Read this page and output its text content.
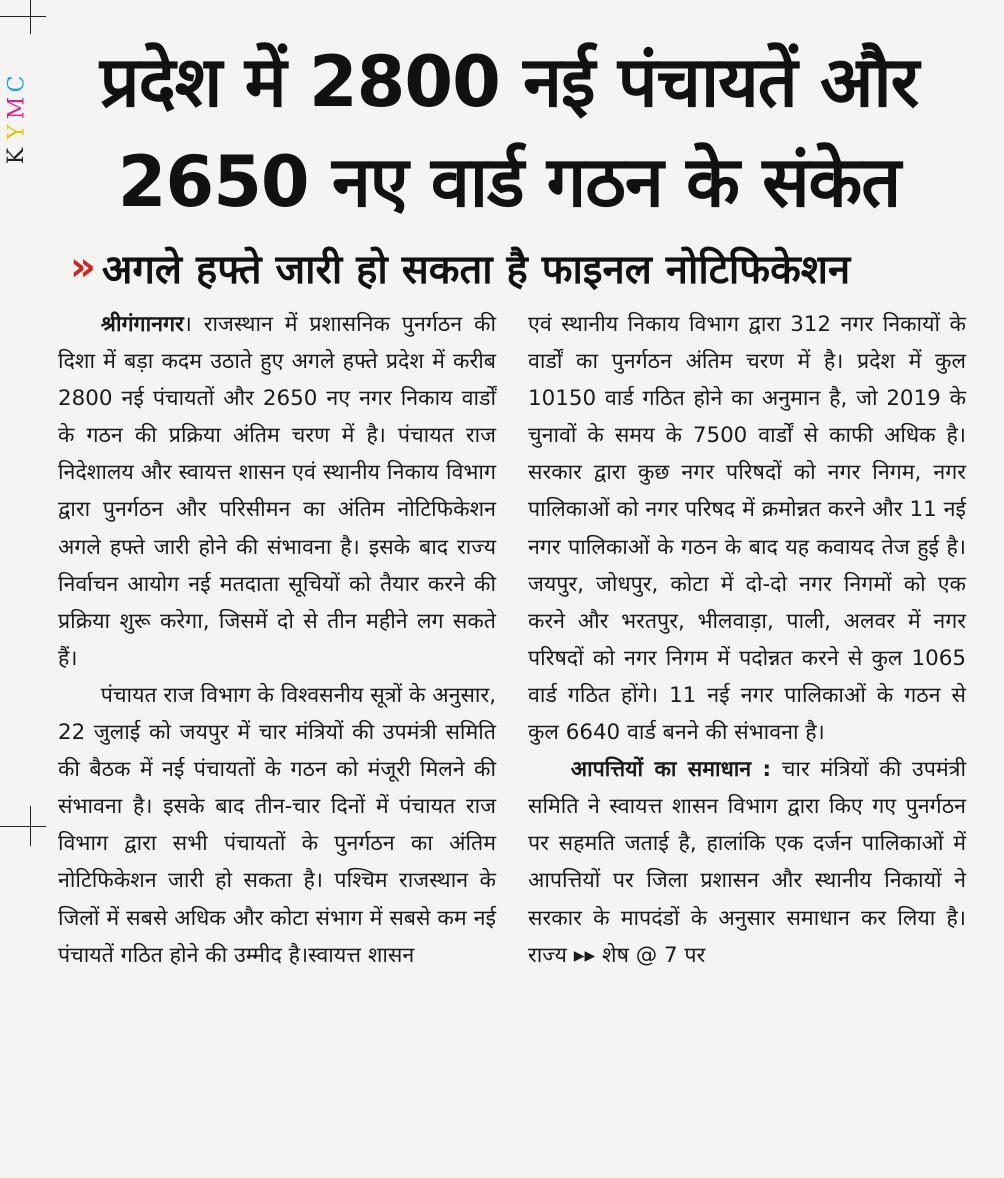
C
M
Y
K
प्रदेश में 2800 नई पंचायतें और
2650 नए वार्ड गठन के संकेत
» अगले हफ्ते जारी हो सकता है फाइनल नोटिफिकेशन

श्रीगंगानगर। राजस्थान में प्रशासनिक पुनर्गठन की दिशा में बड़ा कदम उठाते हुए अगले हफ्ते प्रदेश में करीब 2800 नई पंचायतों और 2650 नए नगर निकाय वार्डों के गठन की प्रक्रिया अंतिम चरण में है। पंचायत राज निदेशालय और स्वायत्त शासन एवं स्थानीय निकाय विभाग द्वारा पुनर्गठन और परिसीमन का अंतिम नोटिफिकेशन अगले हफ्ते जारी होने की संभावना है। इसके बाद राज्य निर्वाचन आयोग नई मतदाता सूचियों को तैयार करने की प्रक्रिया शुरू करेगा, जिसमें दो से तीन महीने लग सकते हैं।

पंचायत राज विभाग के विश्वसनीय सूत्रों के अनुसार, 22 जुलाई को जयपुर में चार मंत्रियों की उपमंत्री समिति की बैठक में नई पंचायतों के गठन को मंजूरी मिलने की संभावना है। इसके बाद तीन-चार दिनों में पंचायत राज विभाग द्वारा सभी पंचायतों के पुनर्गठन का अंतिम नोटिफिकेशन जारी हो सकता है। पश्चिम राजस्थान के जिलों में सबसे अधिक और कोटा संभाग में सबसे कम नई पंचायतें गठित होने की उम्मीद है।स्वायत्त शासन

एवं स्थानीय निकाय विभाग द्वारा 312 नगर निकायों के वार्डों का पुनर्गठन अंतिम चरण में है। प्रदेश में कुल 10150 वार्ड गठित होने का अनुमान है, जो 2019 के चुनावों के समय के 7500 वार्डों से काफी अधिक है। सरकार द्वारा कुछ नगर परिषदों को नगर निगम, नगर पालिकाओं को नगर परिषद में क्रमोन्नत करने और 11 नई नगर पालिकाओं के गठन के बाद यह कवायद तेज हुई है। जयपुर, जोधपुर, कोटा में दो-दो नगर निगमों को एक करने और भरतपुर, भीलवाड़ा, पाली, अलवर में नगर परिषदों को नगर निगम में पदोन्नत करने से कुल 1065 वार्ड गठित होंगे। 11 नई नगर पालिकाओं के गठन से कुल 6640 वार्ड बनने की संभावना है।

आपत्तियों का समाधान : चार मंत्रियों की उपमंत्री समिति ने स्वायत्त शासन विभाग द्वारा किए गए पुनर्गठन पर सहमति जताई है, हालांकि एक दर्जन पालिकाओं में आपत्तियों पर जिला प्रशासन और स्थानीय निकायों ने सरकार के मापदंडों के अनुसार समाधान कर लिया है। राज्य ▸▸ शेष @ 7 पर
